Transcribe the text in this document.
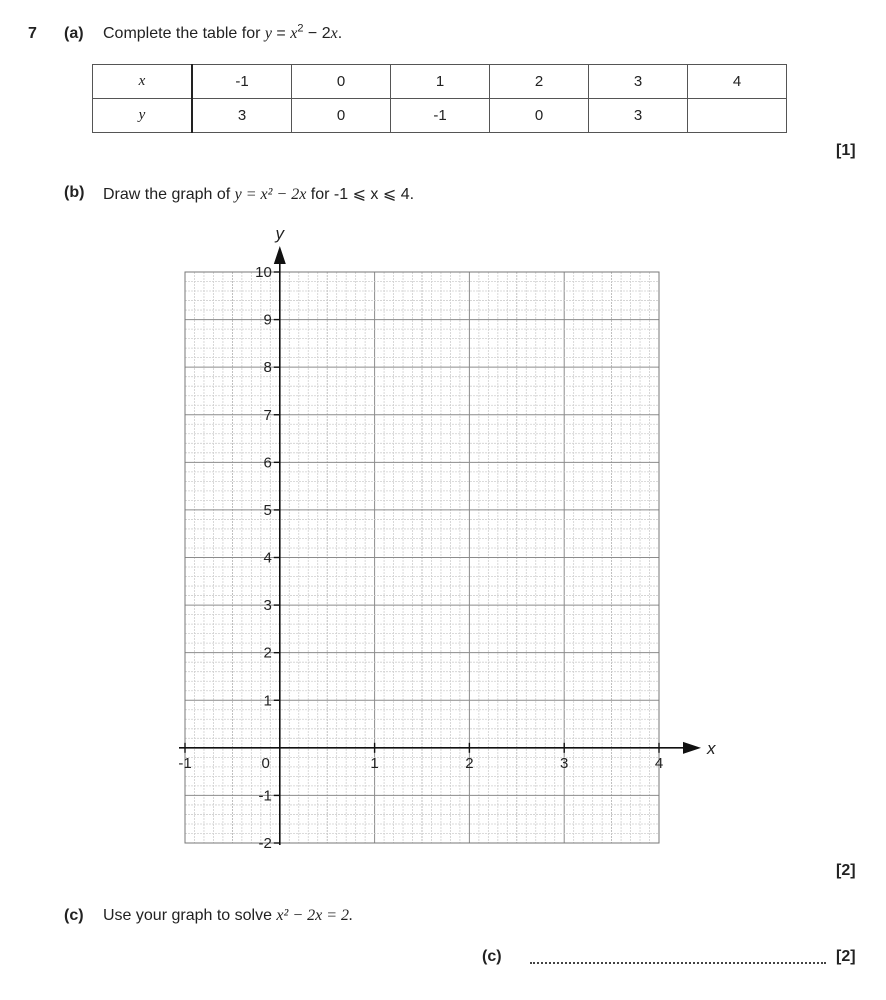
7 (a) Complete the table for $y = x^2 - 2x$.
x	-1	0	1	2	3	4
y	3	0	-1	0	3	
[1]
(b) Draw the graph of y = x² − 2x for -1 ⩽ x ⩽ 4.
x
y
-1	0	1	2	3	4
-2
-1
1
2
3
4
5
6
7
8
9
10
[2]
(c) Use your graph to solve x² − 2x = 2.
(c)	[2]
